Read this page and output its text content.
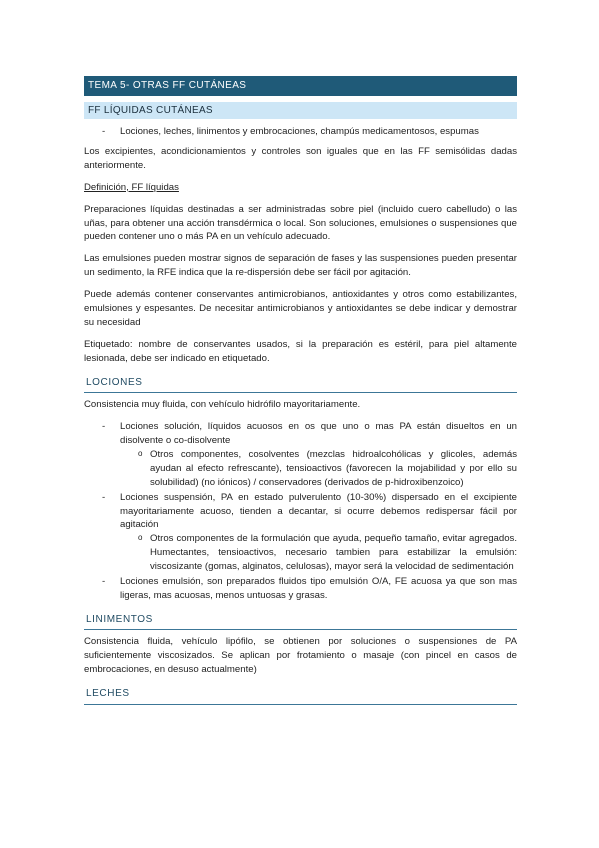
TEMA 5- OTRAS FF CUTÁNEAS
FF LÍQUIDAS CUTÁNEAS
- Lociones, leches, linimentos y embrocaciones, champús medicamentosos, espumas

Los excipientes, acondicionamientos y controles son iguales que en las FF semisólidas dadas anteriormente.

Definición, FF líquidas

Preparaciones líquidas destinadas a ser administradas sobre piel (incluido cuero cabelludo) o las uñas, para obtener una acción transdérmica o local. Son soluciones, emulsiones o suspensiones que pueden contener uno o más PA en un vehículo adecuado.

Las emulsiones pueden mostrar signos de separación de fases y las suspensiones pueden presentar un sedimento, la RFE indica que la re-dispersión debe ser fácil por agitación.

Puede además contener conservantes antimicrobianos, antioxidantes y otros como estabilizantes, emulsiones y espesantes. De necesitar antimicrobianos y antioxidantes se debe indicar y demostrar su necesidad

Etiquetado: nombre de conservantes usados, si la preparación es estéril, para piel altamente lesionada, debe ser indicado en etiquetado.

LOCIONES

Consistencia muy fluida, con vehículo hidrófilo mayoritariamente.

- Lociones solución, líquidos acuosos en os que uno o mas PA están disueltos en un disolvente o co-disolvente
o Otros componentes, cosolventes (mezclas hidroalcohólicas y glicoles, además ayudan al efecto refrescante), tensioactivos (favorecen la mojabilidad y por ello su solubilidad) (no iónicos) / conservadores (derivados de p-hidroxibenzoico)
- Lociones suspensión, PA en estado pulverulento (10-30%) dispersado en el excipiente mayoritariamente acuoso, tienden a decantar, si ocurre debemos redispersar fácil por agitación
o Otros componentes de la formulación que ayuda, pequeño tamaño, evitar agregados. Humectantes, tensioactivos, necesario tambien para estabilizar la emulsión: viscosizante (gomas, alginatos, celulosas), mayor será la velocidad de sedimentación
- Lociones emulsión, son preparados fluidos tipo emulsión O/A, FE acuosa ya que son mas ligeras, mas acuosas, menos untuosas y grasas.
LINIMENTOS

Consistencia fluida, vehículo lipófilo, se obtienen por soluciones o suspensiones de PA suficientemente viscosizados. Se aplican por frotamiento o masaje (con pincel en casos de embrocaciones, en desuso actualmente)

LECHES
